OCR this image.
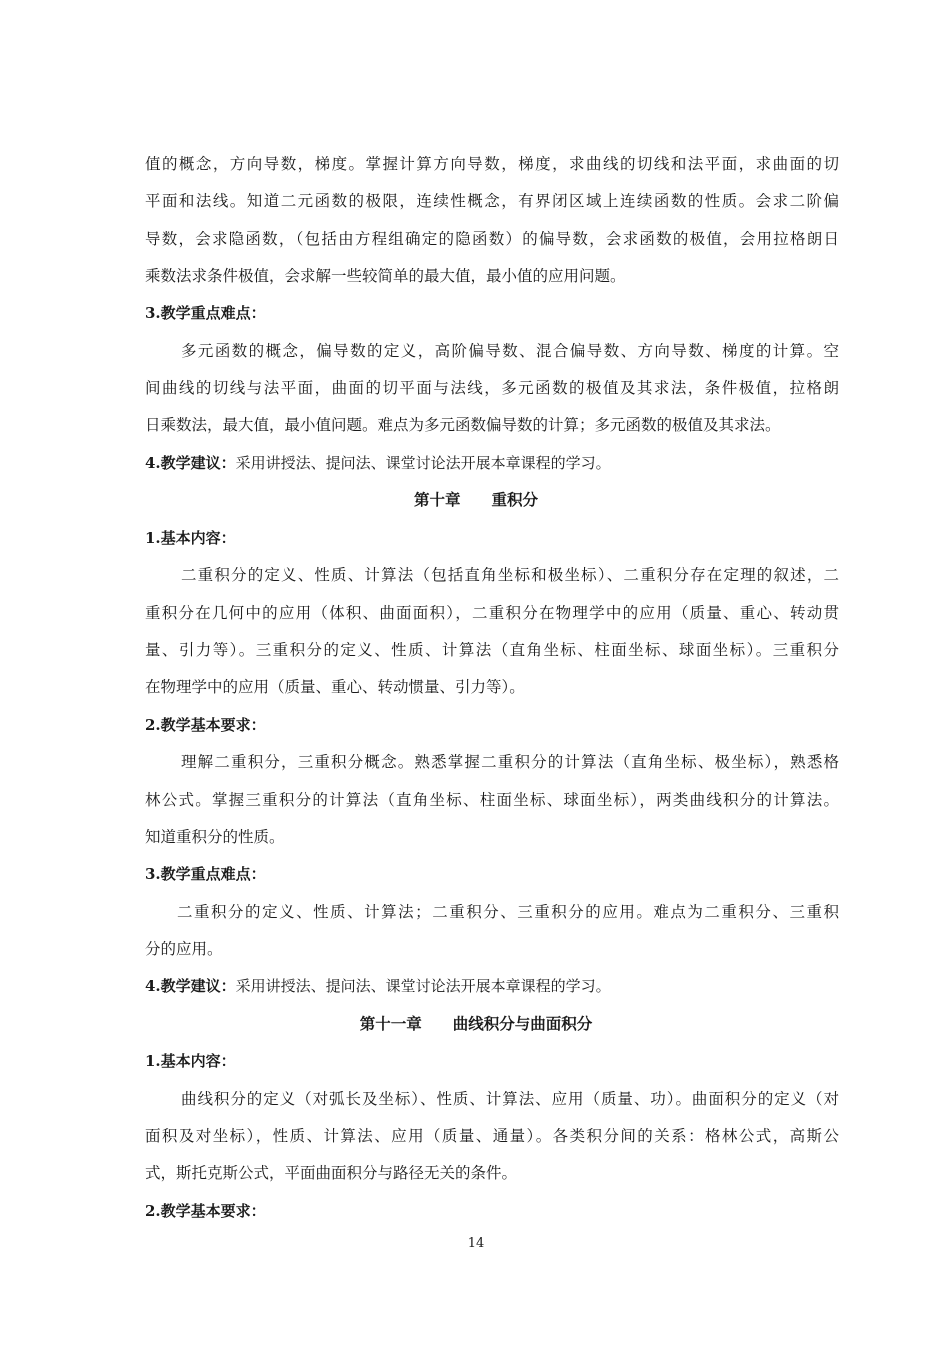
值的概念，方向导数，梯度。掌握计算方向导数，梯度，求曲线的切线和法平面，求曲面的切
平面和法线。知道二元函数的极限，连续性概念，有界闭区域上连续函数的性质。会求二阶偏
导数，会求隐函数，（包括由方程组确定的隐函数）的偏导数，会求函数的极值，会用拉格朗日
乘数法求条件极值，会求解一些较简单的最大值，最小值的应用问题。
3.教学重点难点：
多元函数的概念，偏导数的定义，高阶偏导数、混合偏导数、方向导数、梯度的计算。空
间曲线的切线与法平面，曲面的切平面与法线，多元函数的极值及其求法，条件极值，拉格朗
日乘数法，最大值，最小值问题。难点为多元函数偏导数的计算；多元函数的极值及其求法。
4.教学建议：采用讲授法、提问法、课堂讨论法开展本章课程的学习。
第十章　　重积分
1.基本内容：
二重积分的定义、性质、计算法（包括直角坐标和极坐标）、二重积分存在定理的叙述，二
重积分在几何中的应用（体积、曲面面积），二重积分在物理学中的应用（质量、重心、转动贯
量、引力等）。三重积分的定义、性质、计算法（直角坐标、柱面坐标、球面坐标）。三重积分
在物理学中的应用（质量、重心、转动惯量、引力等）。
2.教学基本要求：
理解二重积分，三重积分概念。熟悉掌握二重积分的计算法（直角坐标、极坐标），熟悉格
林公式。掌握三重积分的计算法（直角坐标、柱面坐标、球面坐标），两类曲线积分的计算法。
知道重积分的性质。
3.教学重点难点：
二重积分的定义、性质、计算法；二重积分、三重积分的应用。难点为二重积分、三重积
分的应用。
4.教学建议：采用讲授法、提问法、课堂讨论法开展本章课程的学习。
第十一章　　曲线积分与曲面积分
1.基本内容：
曲线积分的定义（对弧长及坐标）、性质、计算法、应用（质量、功）。曲面积分的定义（对
面积及对坐标），性质、计算法、应用（质量、通量）。各类积分间的关系：格林公式，高斯公
式，斯托克斯公式，平面曲面积分与路径无关的条件。
2.教学基本要求：
14
